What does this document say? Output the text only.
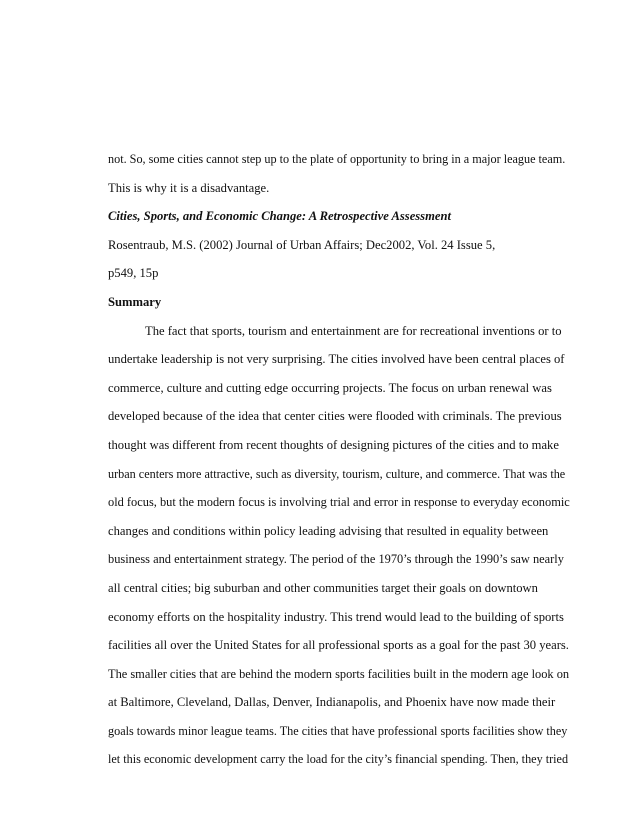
not. So, some cities cannot step up to the plate of opportunity to bring in a major league team.

This is why it is a disadvantage.

Cities, Sports, and Economic Change: A Retrospective Assessment

Rosentraub, M.S. (2002) Journal of Urban Affairs; Dec2002, Vol. 24 Issue 5,

p549, 15p

Summary

The fact that sports, tourism and entertainment are for recreational inventions or to

undertake leadership is not very surprising. The cities involved have been central places of

commerce, culture and cutting edge occurring projects. The focus on urban renewal was

developed because of the idea that center cities were flooded with criminals. The previous

thought was different from recent thoughts of designing pictures of the cities and to make

urban centers more attractive, such as diversity, tourism, culture, and commerce. That was the

old focus, but the modern focus is involving trial and error in response to everyday economic

changes and conditions within policy leading advising that resulted in equality between

business and entertainment strategy. The period of the 1970’s through the 1990’s saw nearly

all central cities; big suburban and other communities target their goals on downtown

economy efforts on the hospitality industry. This trend would lead to the building of sports

facilities all over the United States for all professional sports as a goal for the past 30 years.

The smaller cities that are behind the modern sports facilities built in the modern age look on

at Baltimore, Cleveland, Dallas, Denver, Indianapolis, and Phoenix have now made their

goals towards minor league teams. The cities that have professional sports facilities show they

let this economic development carry the load for the city’s financial spending. Then, they tried
